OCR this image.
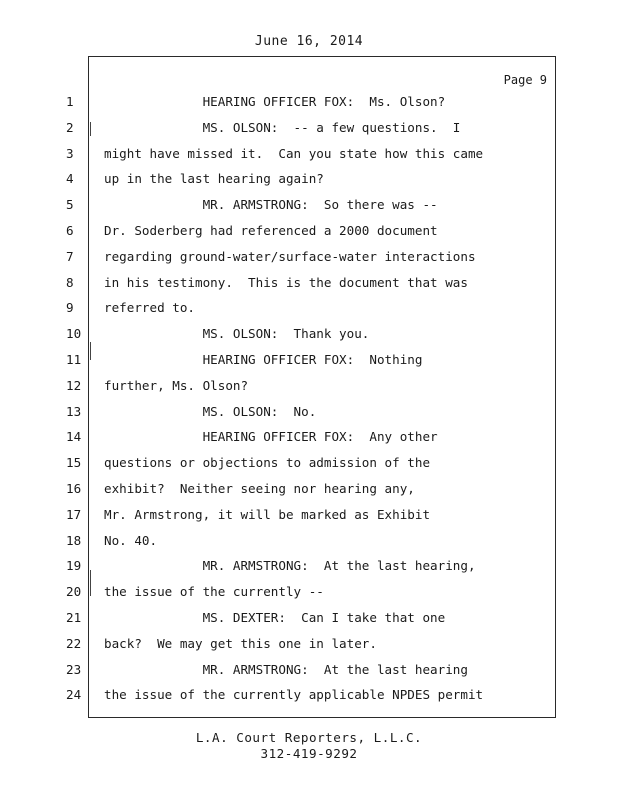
June 16, 2014
Page 9
1	HEARING OFFICER FOX:  Ms. Olson?
2	MS. OLSON:  -- a few questions.  I
3	might have missed it.  Can you state how this came
4	up in the last hearing again?
5	MR. ARMSTRONG:  So there was --
6	Dr. Soderberg had referenced a 2000 document
7	regarding ground-water/surface-water interactions
8	in his testimony.  This is the document that was
9	referred to.
10	MS. OLSON:  Thank you.
11	HEARING OFFICER FOX:  Nothing
12	further, Ms. Olson?
13	MS. OLSON:  No.
14	HEARING OFFICER FOX:  Any other
15	questions or objections to admission of the
16	exhibit?  Neither seeing nor hearing any,
17	Mr. Armstrong, it will be marked as Exhibit
18	No. 40.
19	MR. ARMSTRONG:  At the last hearing,
20	the issue of the currently --
21	MS. DEXTER:  Can I take that one
22	back?  We may get this one in later.
23	MR. ARMSTRONG:  At the last hearing
24	the issue of the currently applicable NPDES permit
L.A. Court Reporters, L.L.C.
312-419-9292
